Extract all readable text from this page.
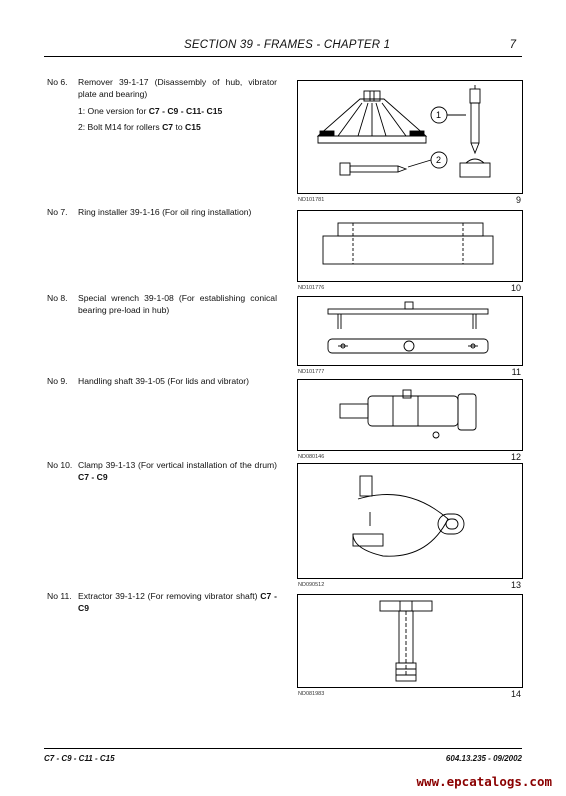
SECTION 39 - FRAMES - CHAPTER 1	7
No 6.	Remover 39-1-17 (Disassembly of hub, vibrator plate and bearing)
1: One version for C7 - C9 - C11- C15
2: Bolt M14 for rollers C7 to C15
1
2
ND101781	9
No 7.	Ring installer 39-1-16 (For oil ring installation)
ND101776	10
No 8.	Special wrench 39-1-08 (For establishing conical bearing pre-load in hub)
ND101777	11
No 9.	Handling shaft 39-1-05 (For lids and vibrator)
ND080146	12
No 10. Clamp 39-1-13 (For vertical installation of the drum) C7 - C9
ND090512	13
No 11. Extractor 39-1-12 (For removing vibrator shaft) C7 - C9
ND081983	14
C7 - C9 - C11 - C15	604.13.235 - 09/2002
www.epcatalogs.com
